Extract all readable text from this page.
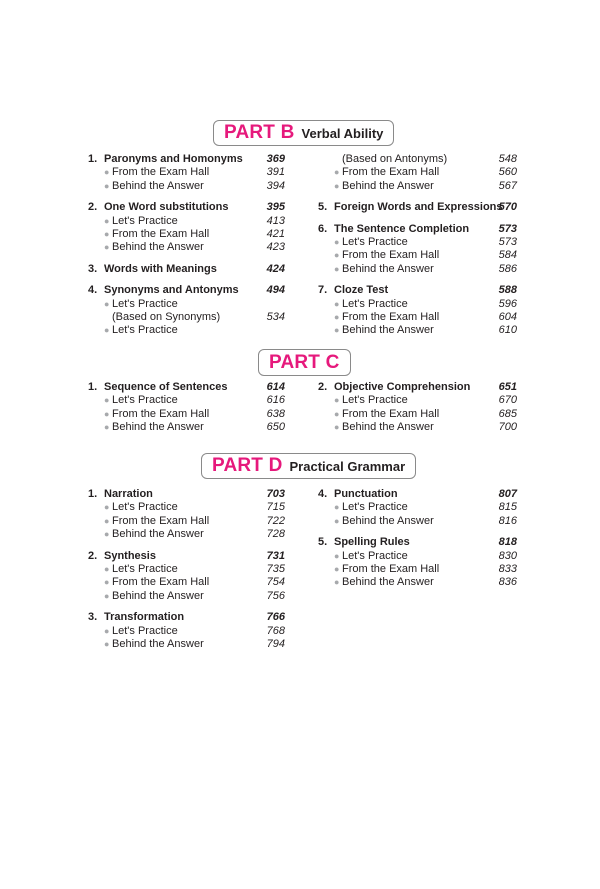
PART B Verbal Ability
1. Paronyms and Homonyms 369
● From the Exam Hall	391
● Behind the Answer	394
2. One Word substitutions	395
● Let's Practice	413
● From the Exam Hall	421
● Behind the Answer	423
3. Words with Meanings	424
4. Synonyms and Antonyms	494
● Let's Practice
(Based on Synonyms)	534
● Let's Practice
(Based on Antonyms)	548
● From the Exam Hall	560
● Behind the Answer	567
5. Foreign Words and Expressions
570
6. The Sentence Completion	573
● Let's Practice	573
● From the Exam Hall	584
● Behind the Answer	586
7. Cloze Test	588
● Let's Practice	596
● From the Exam Hall	604
● Behind the Answer	610
PART C
1. Sequence of Sentences	614
● Let's Practice	616
● From the Exam Hall	638
● Behind the Answer	650
2. Objective Comprehension	651
● Let's Practice	670
● From the Exam Hall	685
● Behind the Answer	700
PART D Practical Grammar
1. Narration	703
● Let's Practice	715
● From the Exam Hall	722
● Behind the Answer	728
2. Synthesis	731
● Let's Practice	735
● From the Exam Hall	754
● Behind the Answer	756
3. Transformation	766
● Let's Practice	768
● Behind the Answer	794
4. Punctuation	807
● Let's Practice	815
● Behind the Answer	816
5. Spelling Rules	818
● Let's Practice	830
● From the Exam Hall	833
● Behind the Answer	836
